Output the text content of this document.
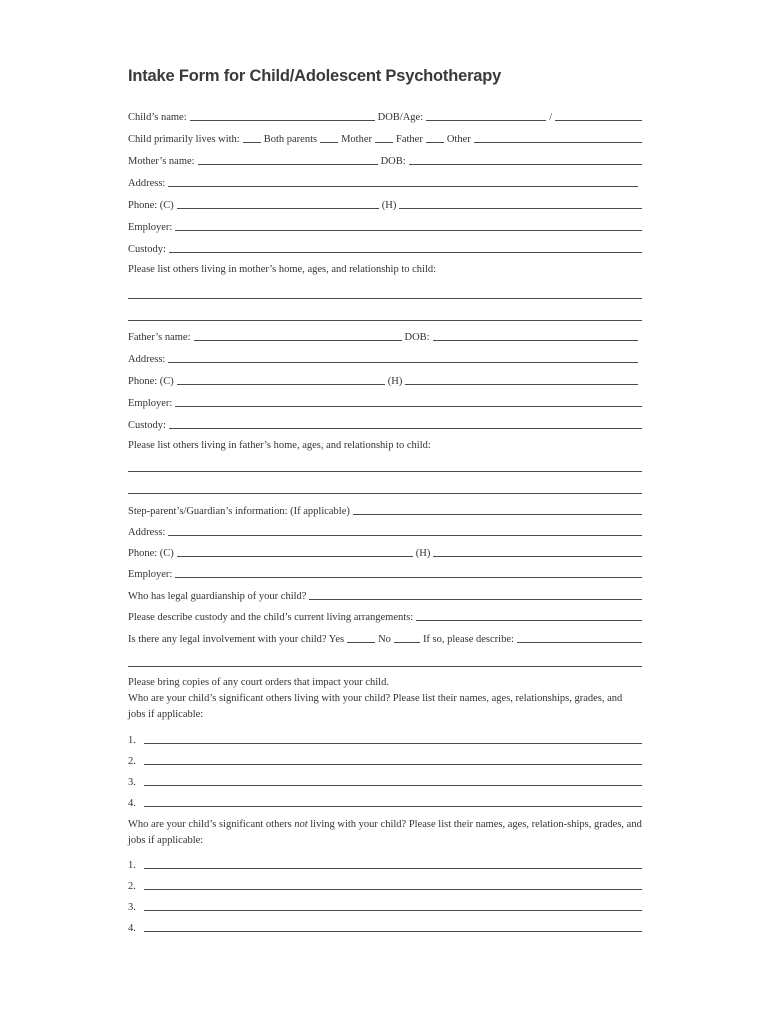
Intake Form for Child/Adolescent Psychotherapy
Child’s name:	DOB/Age:	/
Child primarily lives with: Both parents Mother Father Other
Mother’s name:	DOB:
Address:
Phone: (C)	(H)
Employer:
Custody:
Please list others living in mother’s home, ages, and relationship to child:
Father’s name:	DOB:
Address:
Phone: (C)	(H)
Employer:
Custody:
Please list others living in father’s home, ages, and relationship to child:
Step-parent’s/Guardian’s information: (If applicable)
Address:
Phone: (C)	(H)
Employer:
Who has legal guardianship of your child?
Please describe custody and the child’s current living arrangements:
Is there any legal involvement with your child? Yes	No	If so, please describe:
Please bring copies of any court orders that impact your child.
Who are your child’s significant others living with your child? Please list their names, ages, relationships, grades, and jobs if applicable:
1.
2.
3.
4.
Who are your child’s significant others not living with your child? Please list their names, ages, relation-ships, grades, and jobs if applicable:
1.
2.
3.
4.
